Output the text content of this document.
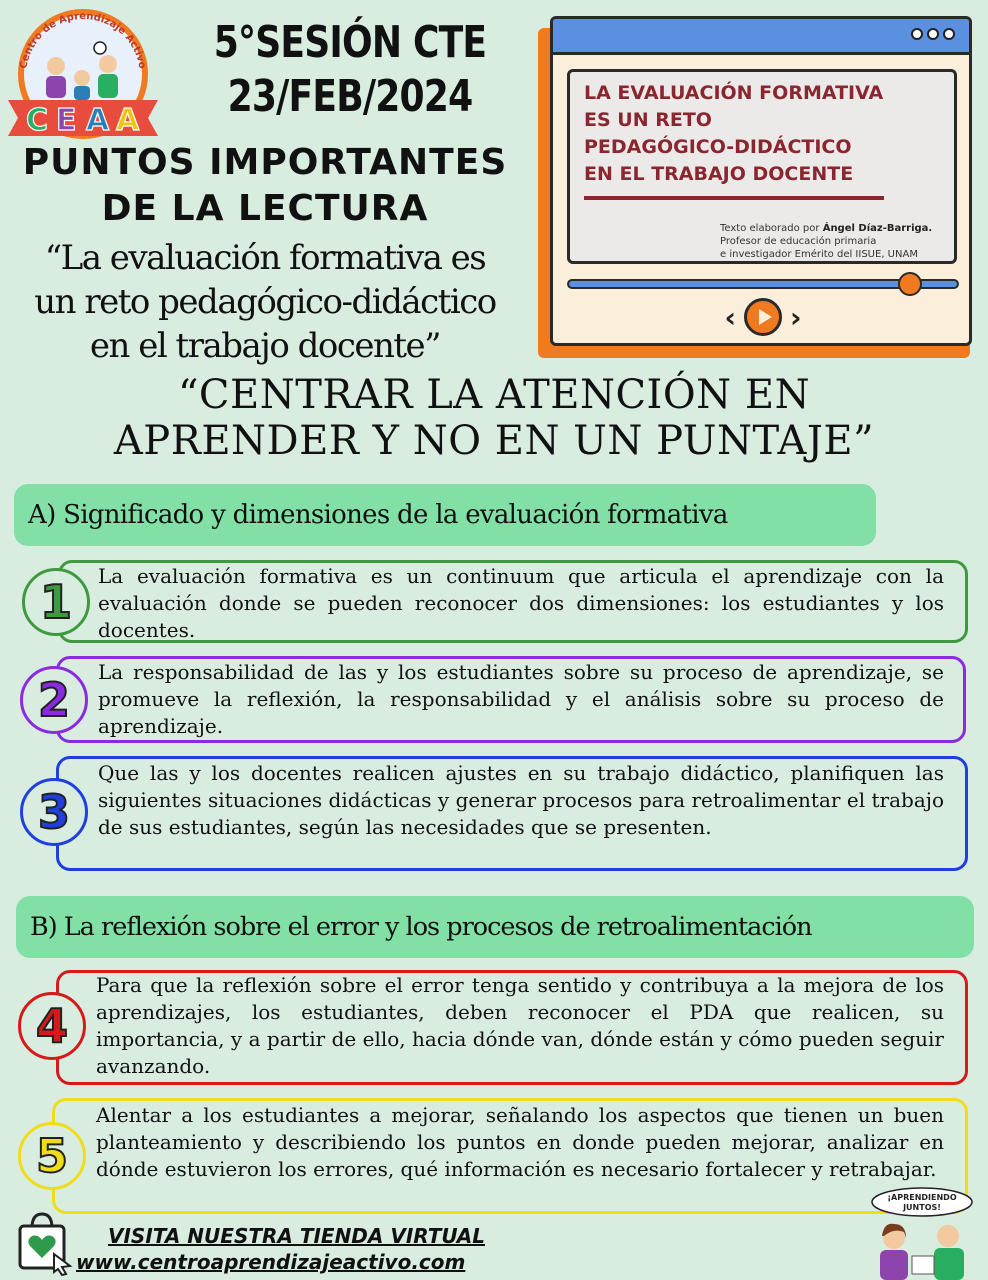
Centro de Aprendizaje Activo
C E A A
5°SESIÓN CTE
23/FEB/2024
PUNTOS IMPORTANTES
DE LA LECTURA
“La evaluación formativa es
un reto pedagógico-didáctico
en el trabajo docente”
LA EVALUACIÓN FORMATIVA
ES UN RETO
PEDAGÓGICO-DIDÁCTICO
EN EL TRABAJO DOCENTE
Texto elaborado por Ángel Díaz-Barriga.
Profesor de educación primaria
e investigador Emérito del IISUE, UNAM
‹ ›
“CENTRAR LA ATENCIÓN EN
APRENDER Y NO EN UN PUNTAJE”
A) Significado y dimensiones de la evaluación formativa
1 La evaluación formativa es un continuum que articula el aprendizaje con la evaluación donde se pueden reconocer dos dimensiones: los estudiantes y los docentes.
2
La responsabilidad de las y los estudiantes sobre su proceso de aprendizaje, se promueve la reflexión, la responsabilidad y el análisis sobre su proceso de aprendizaje.
3
Que las y los docentes realicen ajustes en su trabajo didáctico, planifiquen las siguientes situaciones didácticas y generar procesos para retroalimentar el trabajo de sus estudiantes, según las necesidades que se presenten.
B) La reflexión sobre el error y los procesos de retroalimentación
4
Para que la reflexión sobre el error tenga sentido y contribuya a la mejora de los aprendizajes, los estudiantes, deben reconocer el PDA que realicen, su importancia, y a partir de ello, hacia dónde van, dónde están y cómo pueden seguir avanzando.
5
Alentar a los estudiantes a mejorar, señalando los aspectos que tienen un buen planteamiento y describiendo los puntos en donde pueden mejorar, analizar en dónde estuvieron los errores, qué información es necesario fortalecer y retrabajar.
VISITA NUESTRA TIENDA VIRTUAL
www.centroaprendizajeactivo.com
¡APRENDIENDO
JUNTOS!
